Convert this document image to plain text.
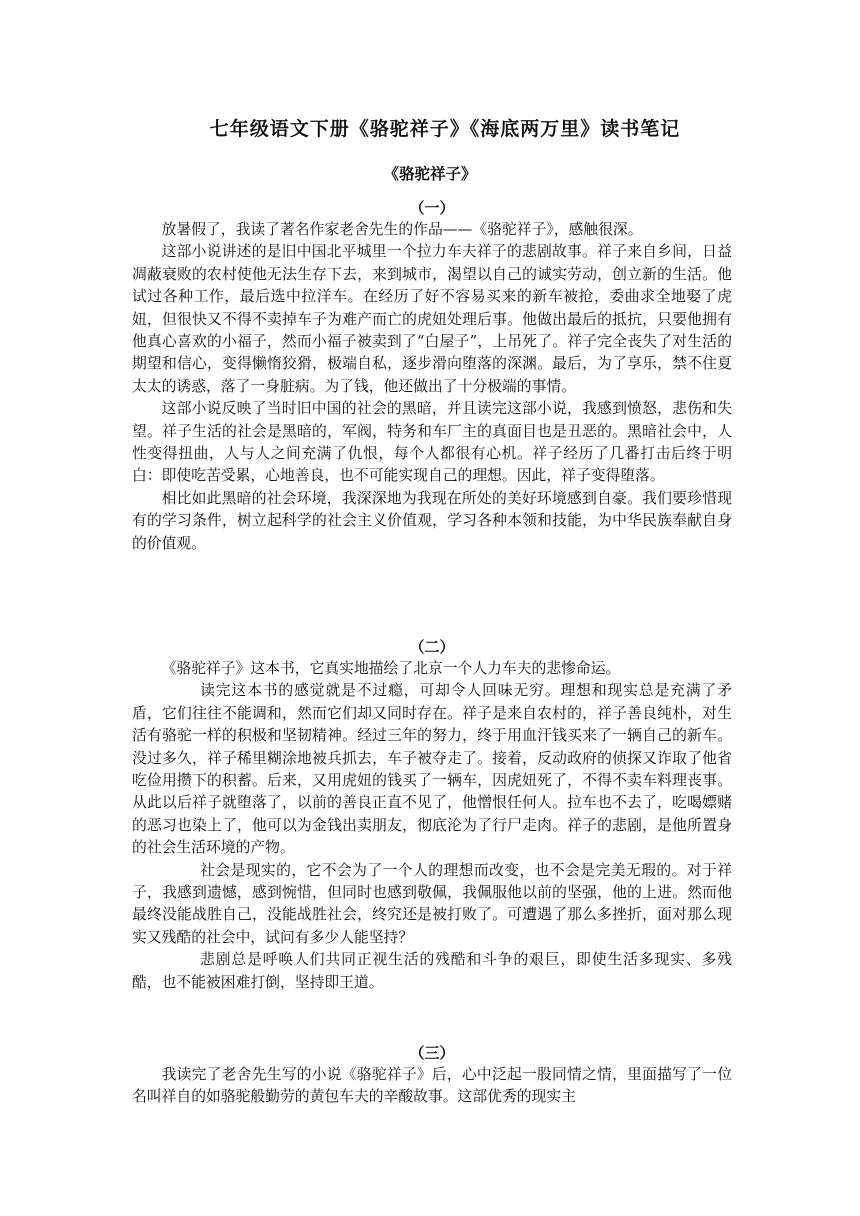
七年级语文下册《骆驼祥子》《海底两万里》读书笔记
《骆驼祥子》

（一）

放暑假了，我读了著名作家老舍先生的作品——《骆驼祥子》，感触很深。

这部小说讲述的是旧中国北平城里一个拉力车夫祥子的悲剧故事。祥子来自乡间，日益凋蔽衰败的农村使他无法生存下去，来到城市，渴望以自己的诚实劳动，创立新的生活。他试过各种工作，最后选中拉洋车。在经历了好不容易买来的新车被抢，委曲求全地娶了虎妞，但很快又不得不卖掉车子为难产而亡的虎妞处理后事。他做出最后的抵抗，只要他拥有他真心喜欢的小福子，然而小福子被卖到了“白屋子”，上吊死了。祥子完全丧失了对生活的期望和信心，变得懒惰狡猾，极端自私，逐步滑向堕落的深渊。最后，为了享乐，禁不住夏太太的诱惑，落了一身脏病。为了钱，他还做出了十分极端的事情。

这部小说反映了当时旧中国的社会的黑暗，并且读完这部小说，我感到愤怒，悲伤和失望。祥子生活的社会是黑暗的，军阀，特务和车厂主的真面目也是丑恶的。黑暗社会中，人性变得扭曲，人与人之间充满了仇恨，每个人都很有心机。祥子经历了几番打击后终于明白：即使吃苦受累，心地善良，也不可能实现自己的理想。因此，祥子变得堕落。

相比如此黑暗的社会环境，我深深地为我现在所处的美好环境感到自豪。我们要珍惜现有的学习条件，树立起科学的社会主义价值观，学习各种本领和技能，为中华民族奉献自身的价值观。

（二）

《骆驼祥子》这本书，它真实地描绘了北京一个人力车夫的悲惨命运。

读完这本书的感觉就是不过瘾，可却令人回味无穷。理想和现实总是充满了矛盾，它们往往不能调和，然而它们却又同时存在。祥子是来自农村的，祥子善良纯朴，对生活有骆驼一样的积极和坚韧精神。经过三年的努力，终于用血汗钱买来了一辆自己的新车。没过多久，祥子稀里糊涂地被兵抓去，车子被夺走了。接着，反动政府的侦探又诈取了他省吃俭用攒下的积蓄。后来，又用虎妞的钱买了一辆车，因虎妞死了，不得不卖车料理丧事。从此以后祥子就堕落了，以前的善良正直不见了，他憎恨任何人。拉车也不去了，吃喝嫖赌的恶习也染上了，他可以为金钱出卖朋友，彻底沦为了行尸走肉。祥子的悲剧，是他所置身的社会生活环境的产物。

社会是现实的，它不会为了一个人的理想而改变，也不会是完美无瑕的。对于祥子，我感到遗憾，感到惋惜，但同时也感到敬佩，我佩服他以前的坚强，他的上进。然而他最终没能战胜自己，没能战胜社会，终究还是被打败了。可遭遇了那么多挫折，面对那么现实又残酷的社会中，试问有多少人能坚持？

悲剧总是呼唤人们共同正视生活的残酷和斗争的艰巨，即使生活多现实、多残酷，也不能被困难打倒，坚持即王道。

（三）

我读完了老舍先生写的小说《骆驼祥子》后，心中泛起一股同情之情，里面描写了一位名叫祥自的如骆驼般勤劳的黄包车夫的辛酸故事。这部优秀的现实主
